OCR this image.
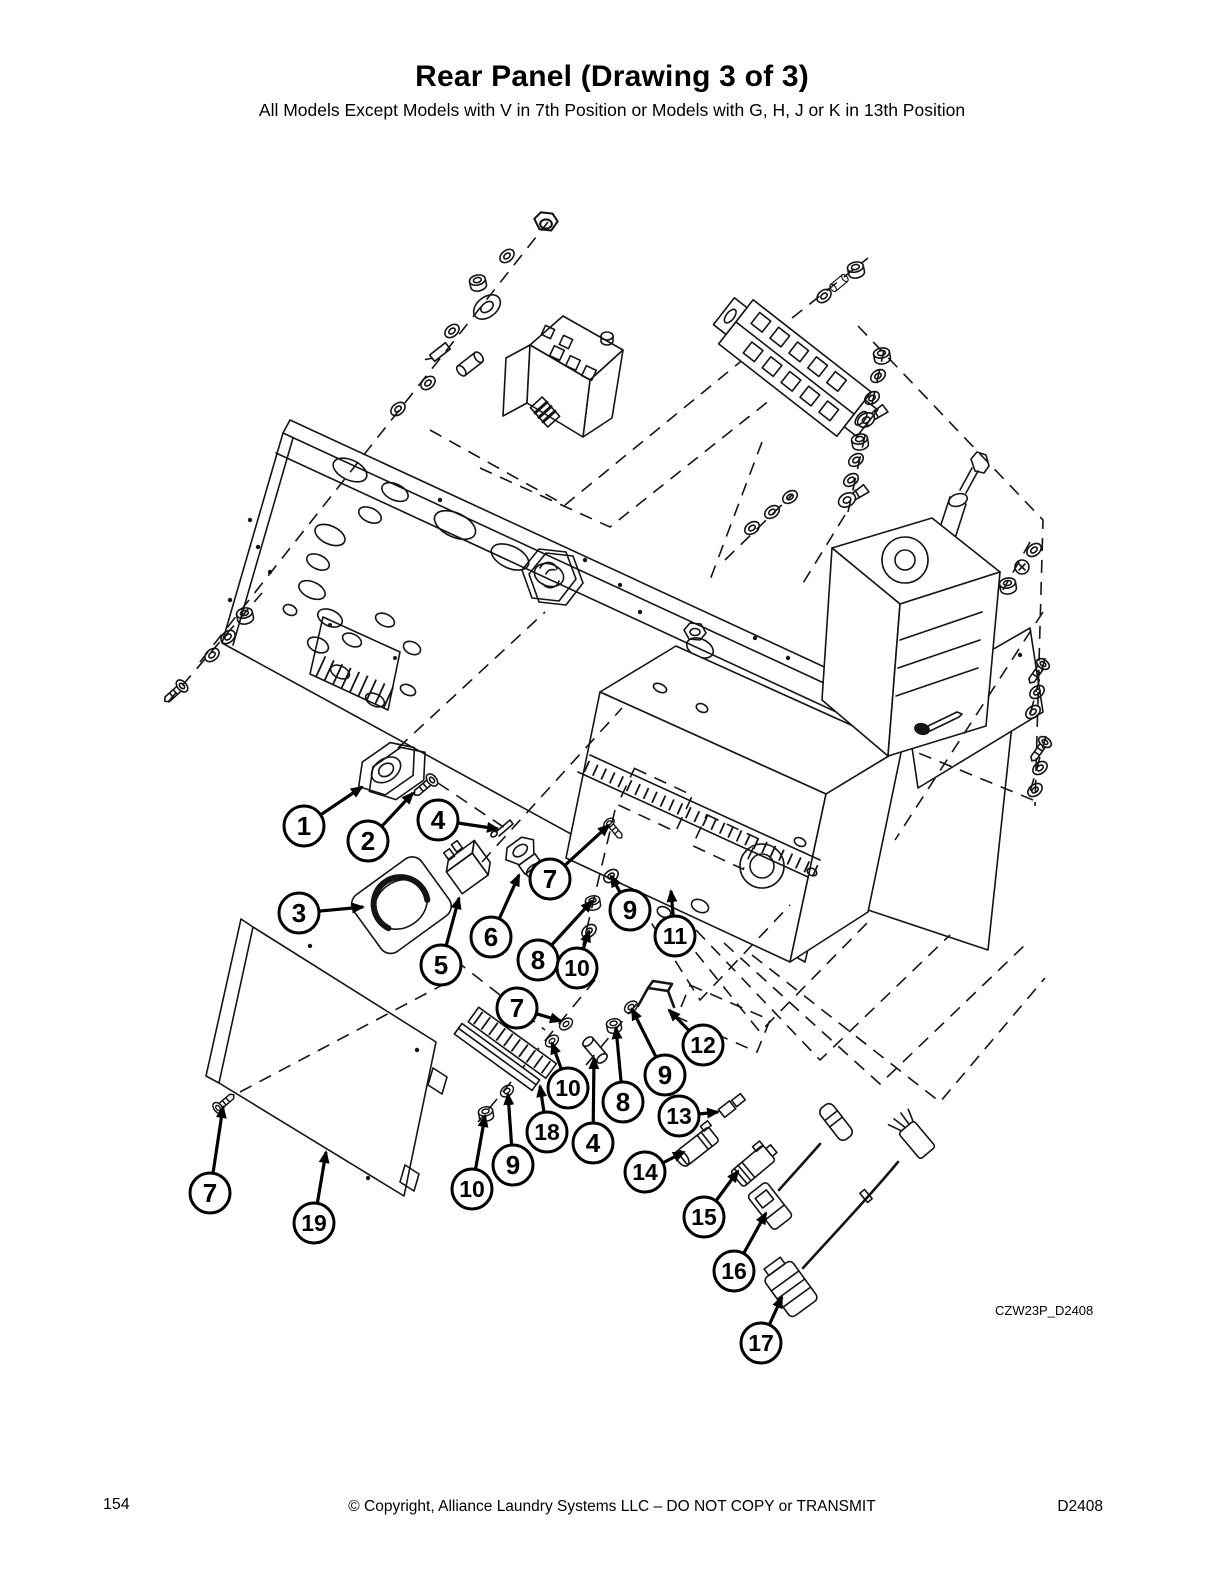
Rear Panel (Drawing 3 of 3)

All Models Except Models with V in 7th Position or Models with G, H, J or K in 13th Position

1 2
4
3
5
6
7
9
8 10
11
7
10
18
9
10
4
8
9
12
13
14
15
16
17
7
19
CZW23P_D2408
154	© Copyright, Alliance Laundry Systems LLC – DO NOT COPY or TRANSMIT	D2408
